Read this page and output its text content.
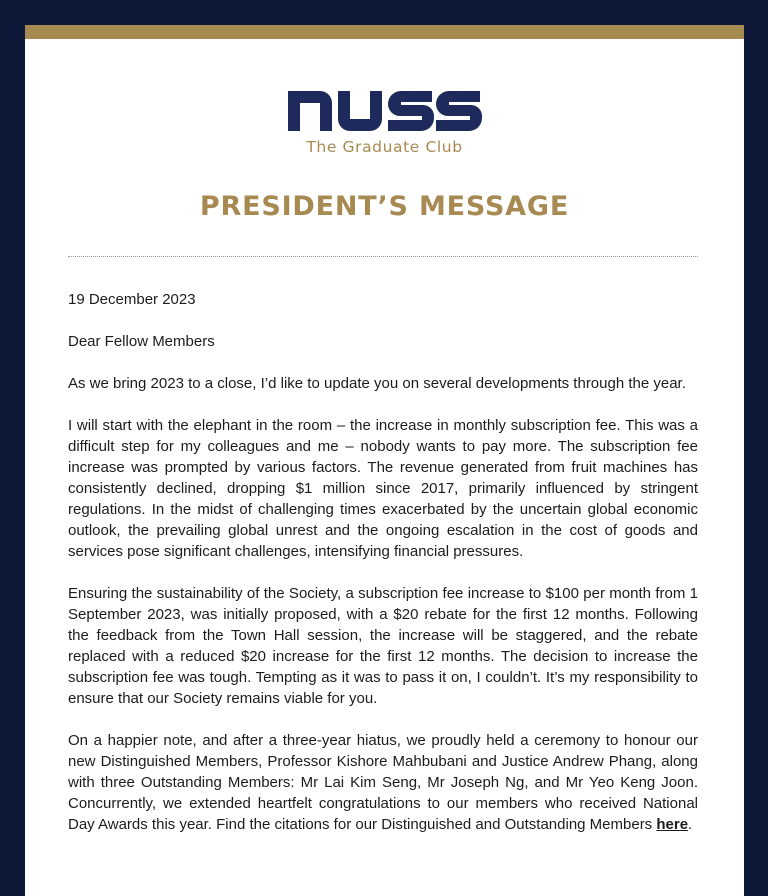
The Graduate Club
PRESIDENT’S MESSAGE

19 December 2023

Dear Fellow Members

As we bring 2023 to a close, I’d like to update you on several developments through the year.

I will start with the elephant in the room – the increase in monthly subscription fee. This was a difficult step for my colleagues and me – nobody wants to pay more. The subscription fee increase was prompted by various factors. The revenue generated from fruit machines has consistently declined, dropping $1 million since 2017, primarily influenced by stringent regulations. In the midst of challenging times exacerbated by the uncertain global economic outlook, the prevailing global unrest and the ongoing escalation in the cost of goods and services pose significant challenges, intensifying financial pressures.

Ensuring the sustainability of the Society, a subscription fee increase to $100 per month from 1 September 2023, was initially proposed, with a $20 rebate for the first 12 months. Following the feedback from the Town Hall session, the increase will be staggered, and the rebate replaced with a reduced $20 increase for the first 12 months. The decision to increase the subscription fee was tough. Tempting as it was to pass it on, I couldn’t. It’s my responsibility to ensure that our Society remains viable for you.

On a happier note, and after a three-year hiatus, we proudly held a ceremony to honour our new Distinguished Members, Professor Kishore Mahbubani and Justice Andrew Phang, along with three Outstanding Members: Mr Lai Kim Seng, Mr Joseph Ng, and Mr Yeo Keng Joon. Concurrently, we extended heartfelt congratulations to our members who received National Day Awards this year. Find the citations for our Distinguished and Outstanding Members here.
